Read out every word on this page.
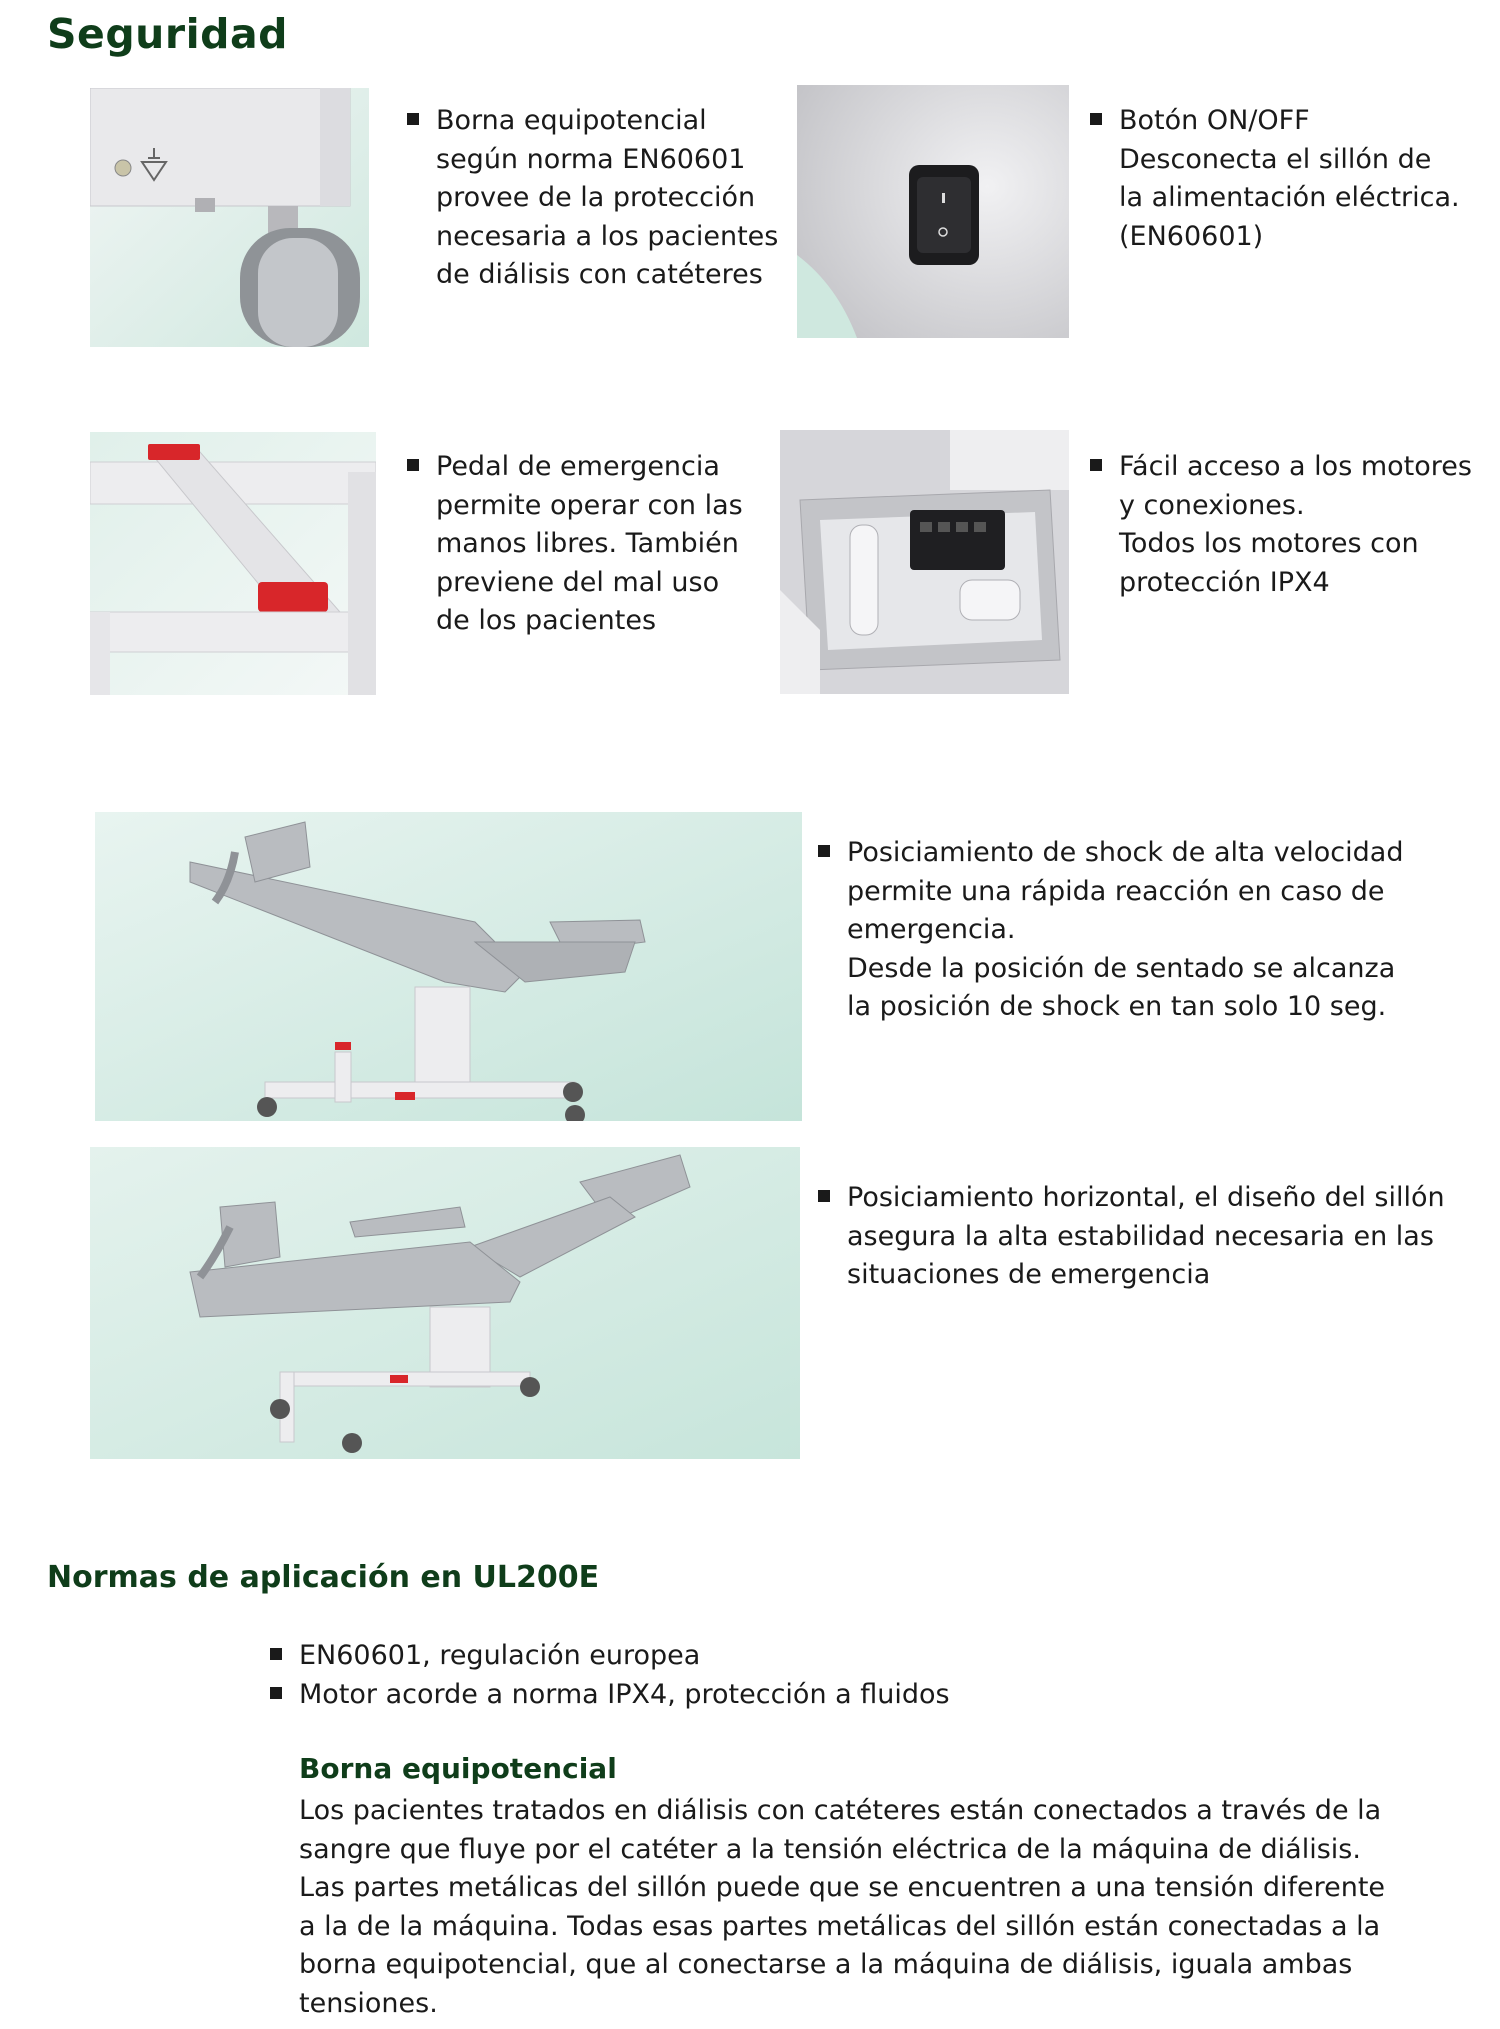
Seguridad
Borna equipotencial
según norma EN60601
provee de la protección
necesaria a los pacientes
de diálisis con catéteres
Botón ON/OFF
Desconecta el sillón de
la alimentación eléctrica.
(EN60601)
Pedal de emergencia
permite operar con las
manos libres. También
previene del mal uso
de los pacientes
Fácil acceso a los motores
y conexiones.
Todos los motores con
protección IPX4
Posiciamiento de shock de alta velocidad
permite una rápida reacción en caso de
emergencia.
Desde la posición de sentado se alcanza
la posición de shock en tan solo 10 seg.
Posiciamiento horizontal, el diseño del sillón
asegura la alta estabilidad necesaria en las
situaciones de emergencia
Normas de aplicación en UL200E
EN60601, regulación europea
Motor acorde a norma IPX4, protección a fluidos
Borna equipotencial
Los pacientes tratados en diálisis con catéteres están conectados a través de la
sangre que fluye por el catéter a la tensión eléctrica de la máquina de diálisis.
Las partes metálicas del sillón puede que se encuentren a una tensión diferente
a la de la máquina. Todas esas partes metálicas del sillón están conectadas a la
borna equipotencial, que al conectarse a la máquina de diálisis, iguala ambas
tensiones.
